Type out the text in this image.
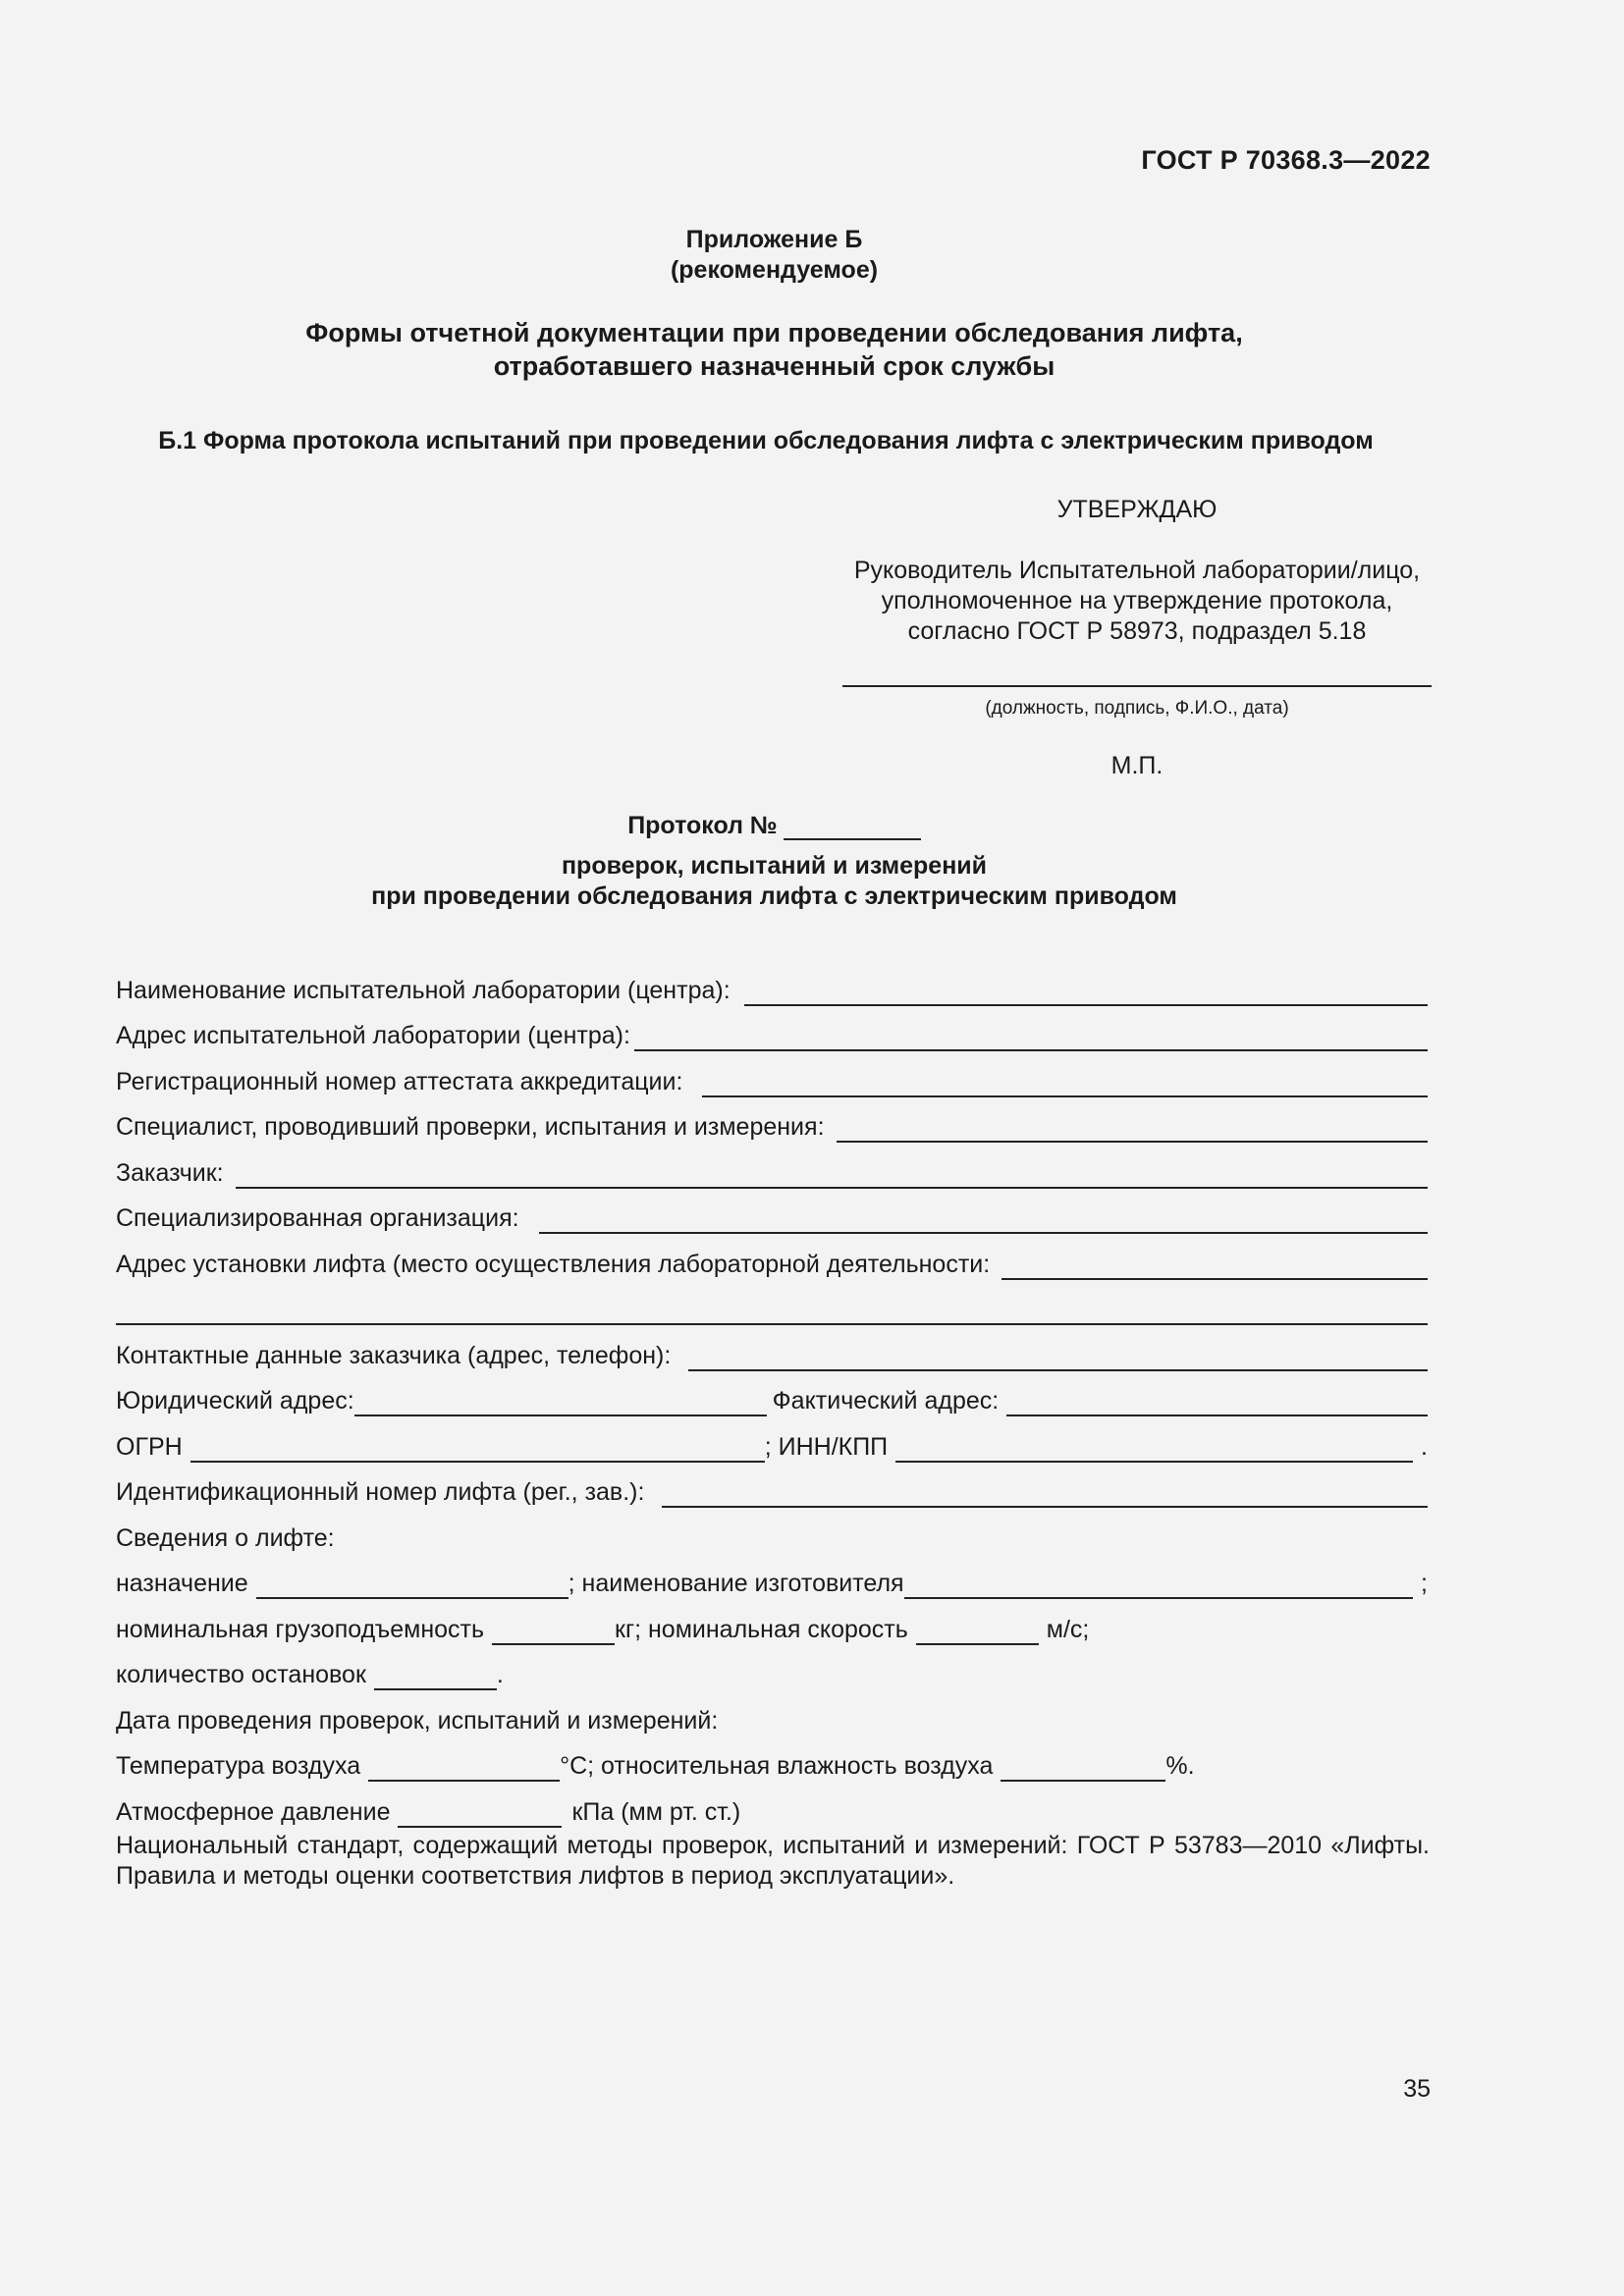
ГОСТ Р 70368.3—2022
Приложение Б
(рекомендуемое)
Формы отчетной документации при проведении обследования лифта,
отработавшего назначенный срок службы
Б.1 Форма протокола испытаний при проведении обследования лифта с электрическим приводом
УТВЕРЖДАЮ
Руководитель Испытательной лаборатории/лицо,
уполномоченное на утверждение протокола,
согласно ГОСТ Р 58973, подраздел 5.18
(должность, подпись, Ф.И.О., дата)
М.П.
Протокол №
проверок, испытаний и измерений
при проведении обследования лифта с электрическим приводом
Наименование испытательной лаборатории (центра):
Адрес испытательной лаборатории (центра):
Регистрационный номер аттестата аккредитации:
Специалист, проводивший проверки, испытания и измерения:
Заказчик:
Специализированная организация:
Адрес установки лифта (место осуществления лабораторной деятельности:
Контактные данные заказчика (адрес, телефон):
Юридический адрес:	Фактический адрес:
ОГРН	; ИНН/КПП	.
Идентификационный номер лифта (рег., зав.):
Сведения о лифте:
назначение	; наименование изготовителя	;
номинальная грузоподъемность	кг; номинальная скорость	м/с;
количество остановок	.
Дата проведения проверок, испытаний и измерений:
Температура воздуха	°С; относительная влажность воздуха	%.
Атмосферное давление	кПа (мм рт. ст.)
Национальный стандарт, содержащий методы проверок, испытаний и измерений: ГОСТ Р 53783—2010 «Лифты. Правила и методы оценки соответствия лифтов в период эксплуатации».
35
